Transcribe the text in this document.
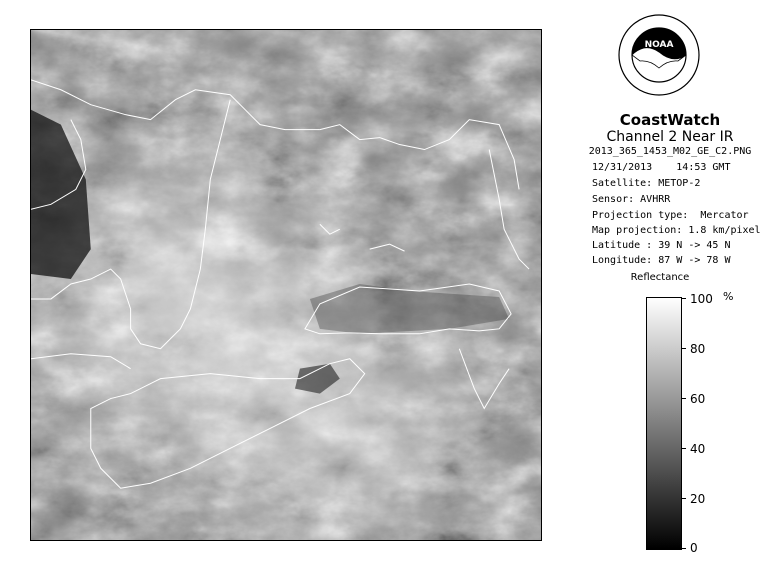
NOAA
CoastWatch
Channel 2 Near IR
2013_365_1453_M02_GE_C2.PNG
12/31/2013    14:53 GMT
Satellite: METOP-2
Sensor: AVHRR
Projection type:  Mercator
Map projection: 1.8 km/pixel
Latitude : 39 N -> 45 N
Longitude: 87 W -> 78 W
Reflectance
%
100
80
60
40
20
0
